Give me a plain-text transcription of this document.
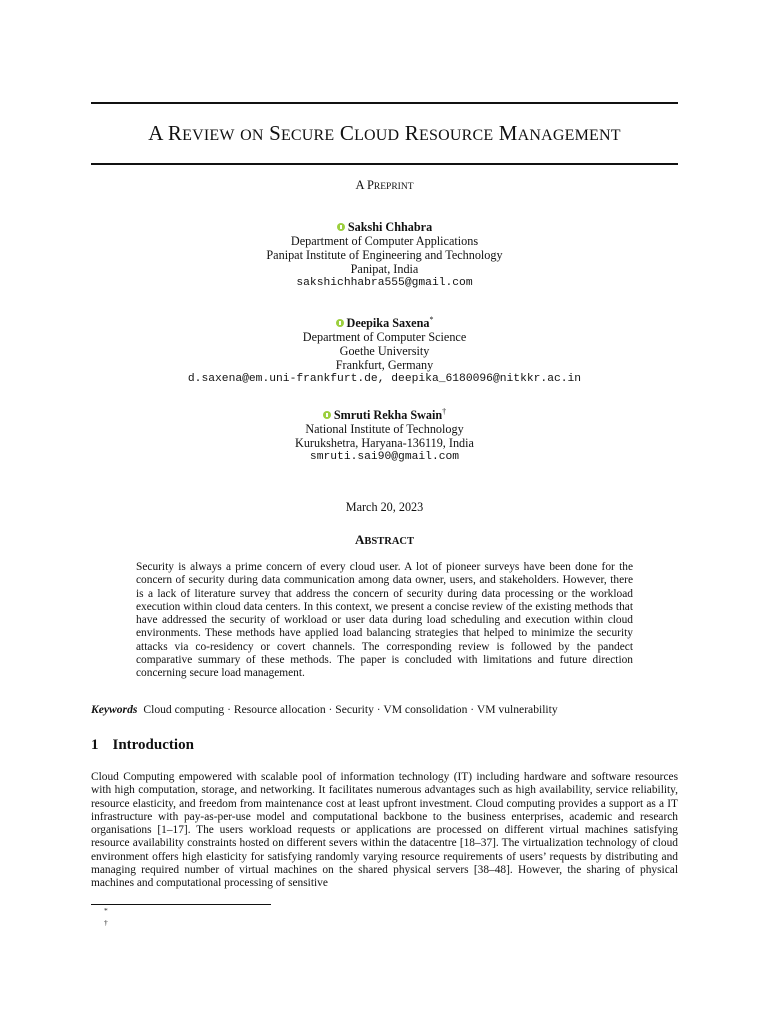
A REVIEW ON SECURE CLOUD RESOURCE MANAGEMENT
A PREPRINT
Sakshi Chhabra
Department of Computer Applications
Panipat Institute of Engineering and Technology
Panipat, India
sakshichhabra555@gmail.com
Deepika Saxena*
Department of Computer Science
Goethe University
Frankfurt, Germany
d.saxena@em.uni-frankfurt.de, deepika_6180096@nitkkr.ac.in
Smruti Rekha Swain†
National Institute of Technology
Kurukshetra, Haryana-136119, India
smruti.sai90@gmail.com
March 20, 2023
ABSTRACT
Security is always a prime concern of every cloud user. A lot of pioneer surveys have been done for the concern of security during data communication among data owner, users, and stakeholders. However, there is a lack of literature survey that address the concern of security during data processing or the workload execution within cloud data centers. In this context, we present a concise review of the existing methods that have addressed the security of workload or user data during load scheduling and execution within cloud environments. These methods have applied load balancing strategies that helped to minimize the security attacks via co-residency or covert channels. The corresponding review is followed by the pandect comparative summary of these methods. The paper is concluded with limitations and future direction concerning secure load management.
Keywords Cloud computing · Resource allocation · Security · VM consolidation · VM vulnerability
1 Introduction
Cloud Computing empowered with scalable pool of information technology (IT) including hardware and software resources with high computation, storage, and networking. It facilitates numerous advantages such as high availability, service reliability, resource elasticity, and freedom from maintenance cost at least upfront investment. Cloud computing provides a support as a IT infrastructure with pay-as-per-use model and computational backbone to the business enterprises, academic and research organisations [1–17]. The users workload requests or applications are processed on different virtual machines satisfying resource availability constraints hosted on different severs within the datacentre [18–37]. The virtualization technology of cloud environment offers high elasticity for satisfying randomly varying resource requirements of users’ requests by distributing and managing required number of virtual machines on the shared physical servers [38–48]. However, the sharing of physical machines and computational processing of sensitive
*
†
